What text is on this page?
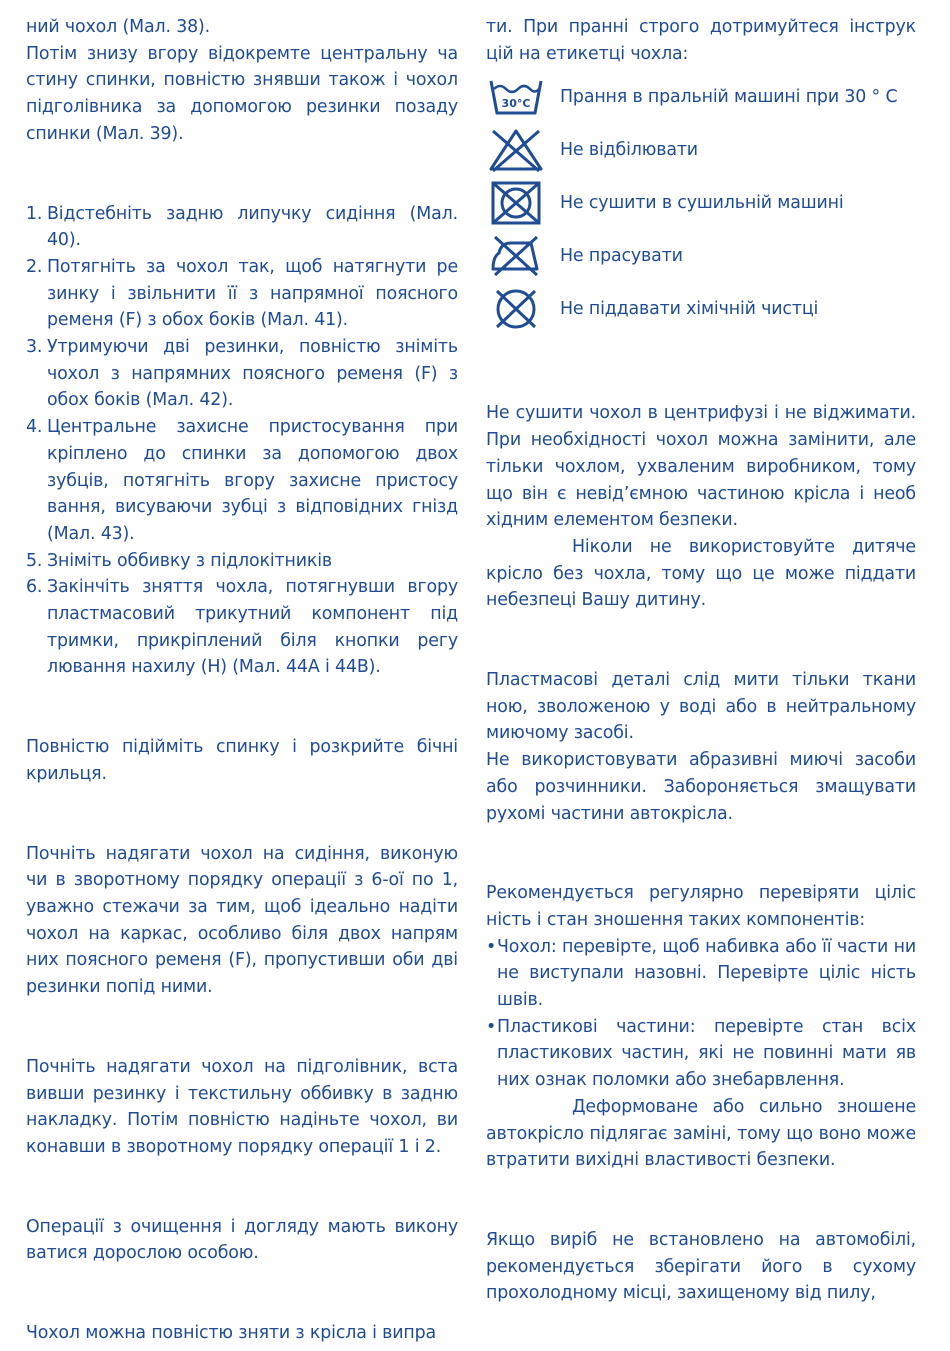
ний чохол (Мал. 38).

Потім знизу вгору відокремте центральну ча стину спинки, повністю знявши також і чохол підголівника за допомогою резинки позаду спинки (Мал. 39).

1. Відстебніть задню липучку сидіння (Мал. 40).
2. Потягніть за чохол так, щоб натягнути ре зинку і звільнити її з напрямної поясного ременя (F) з обох боків (Мал. 41).
3. Утримуючи дві резинки, повністю зніміть чохол з напрямних поясного ременя (F) з обох боків (Мал. 42).
4. Центральне захисне пристосування при кріплено до спинки за допомогою двох зубців, потягніть вгору захисне пристосу вання, висуваючи зубці з відповідних гнізд (Мал. 43).
5. Зніміть оббивку з підлокітників
6. Закінчіть зняття чохла, потягнувши вгору пластмасовий трикутний компонент під тримки, прикріплений біля кнопки регу лювання нахилу (H) (Мал. 44А і 44В).

Повністю підійміть спинку і розкрийте бічні крильця.

Почніть надягати чохол на сидіння, виконую чи в зворотному порядку операції з 6-ої по 1, уважно стежачи за тим, щоб ідеально надіти чохол на каркас, особливо біля двох напрям них поясного ременя (F), пропустивши оби дві резинки попід ними.

Почніть надягати чохол на підголівник, вста вивши резинку і текстильну оббивку в задню накладку. Потім повністю надіньте чохол, ви конавши в зворотному порядку операції 1 і 2.

Операції з очищення і догляду мають викону ватися дорослою особою.

Чохол можна повністю зняти з крісла і випра

ти. При пранні строго дотримуйтеся інструк цій на етикетці чохла:

30°C Прання в пральній машині при 30 ° C
Не відбілювати
Не сушити в сушильній машині
Не прасувати
Не піддавати хімічній чистці

Не сушити чохол в центрифузі і не віджимати. При необхідності чохол можна замінити, але тільки чохлом, ухваленим виробником, тому що він є невід’ємною частиною крісла і необ хідним елементом безпеки.

Ніколи не використовуйте дитяче крісло без чохла, тому що це може піддати небезпеці Вашу дитину.

Пластмасові деталі слід мити тільки ткани ною, зволоженою у воді або в нейтральному миючому засобі.

Не використовувати абразивні миючі засоби або розчинники. Забороняється змащувати рухомі частини автокрісла.

Рекомендується регулярно перевіряти ціліс ність і стан зношення таких компонентів:

• Чохол: перевірте, щоб набивка або її части ни не виступали назовні. Перевірте ціліс ність швів.
• Пластикові частини: перевірте стан всіх пластикових частин, які не повинні мати яв них ознак поломки або знебарвлення.

Деформоване або сильно зношене автокрісло підлягає заміні, тому що воно може втратити вихідні властивості безпеки.

Якщо виріб не встановлено на автомобілі, рекомендується зберігати його в сухому прохолодному місці, захищеному від пилу,
